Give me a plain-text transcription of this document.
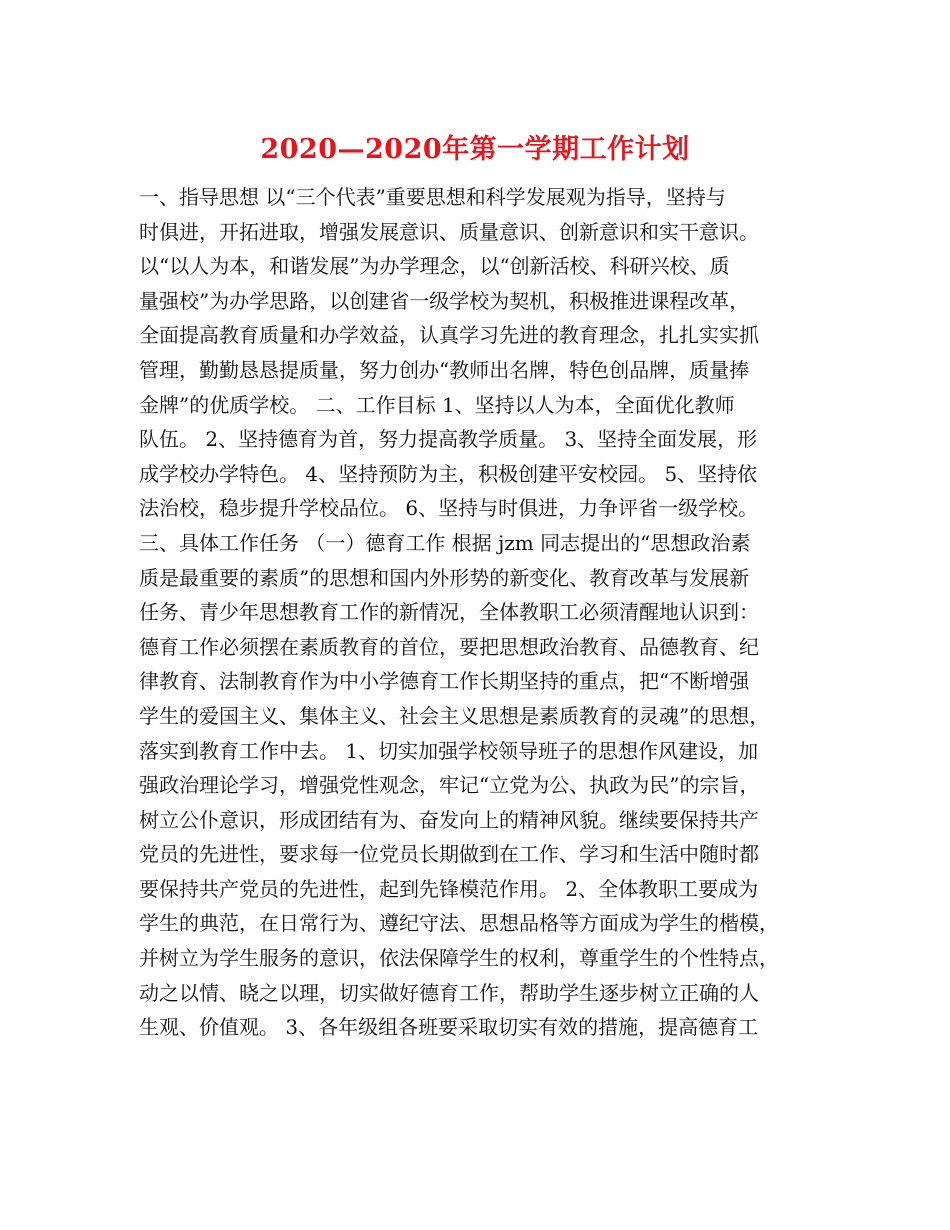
2020—2020年第一学期工作计划
一、指导思想 以“三个代表”重要思想和科学发展观为指导，坚持与
时俱进，开拓进取，增强发展意识、质量意识、创新意识和实干意识。
以“以人为本，和谐发展”为办学理念，以“创新活校、科研兴校、质
量强校”为办学思路，以创建省一级学校为契机，积极推进课程改革，
全面提高教育质量和办学效益，认真学习先进的教育理念，扎扎实实抓
管理，勤勤恳恳提质量，努力创办“教师出名牌，特色创品牌，质量捧
金牌”的优质学校。 二、工作目标 1、坚持以人为本，全面优化教师
队伍。 2、坚持德育为首，努力提高教学质量。 3、坚持全面发展，形
成学校办学特色。 4、坚持预防为主，积极创建平安校园。 5、坚持依
法治校，稳步提升学校品位。 6、坚持与时俱进，力争评省一级学校。
三、具体工作任务 （一）德育工作 根据 jzm 同志提出的“思想政治素
质是最重要的素质”的思想和国内外形势的新变化、教育改革与发展新
任务、青少年思想教育工作的新情况，全体教职工必须清醒地认识到：
德育工作必须摆在素质教育的首位，要把思想政治教育、品德教育、纪
律教育、法制教育作为中小学德育工作长期坚持的重点，把“不断增强
学生的爱国主义、集体主义、社会主义思想是素质教育的灵魂”的思想，
落实到教育工作中去。 1、切实加强学校领导班子的思想作风建设，加
强政治理论学习，增强党性观念，牢记“立党为公、执政为民”的宗旨，
树立公仆意识，形成团结有为、奋发向上的精神风貌。继续要保持共产
党员的先进性，要求每一位党员长期做到在工作、学习和生活中随时都
要保持共产党员的先进性，起到先锋模范作用。 2、全体教职工要成为
学生的典范，在日常行为、遵纪守法、思想品格等方面成为学生的楷模，
并树立为学生服务的意识，依法保障学生的权利，尊重学生的个性特点，
动之以情、晓之以理，切实做好德育工作，帮助学生逐步树立正确的人
生观、价值观。 3、各年级组各班要采取切实有效的措施，提高德育工
